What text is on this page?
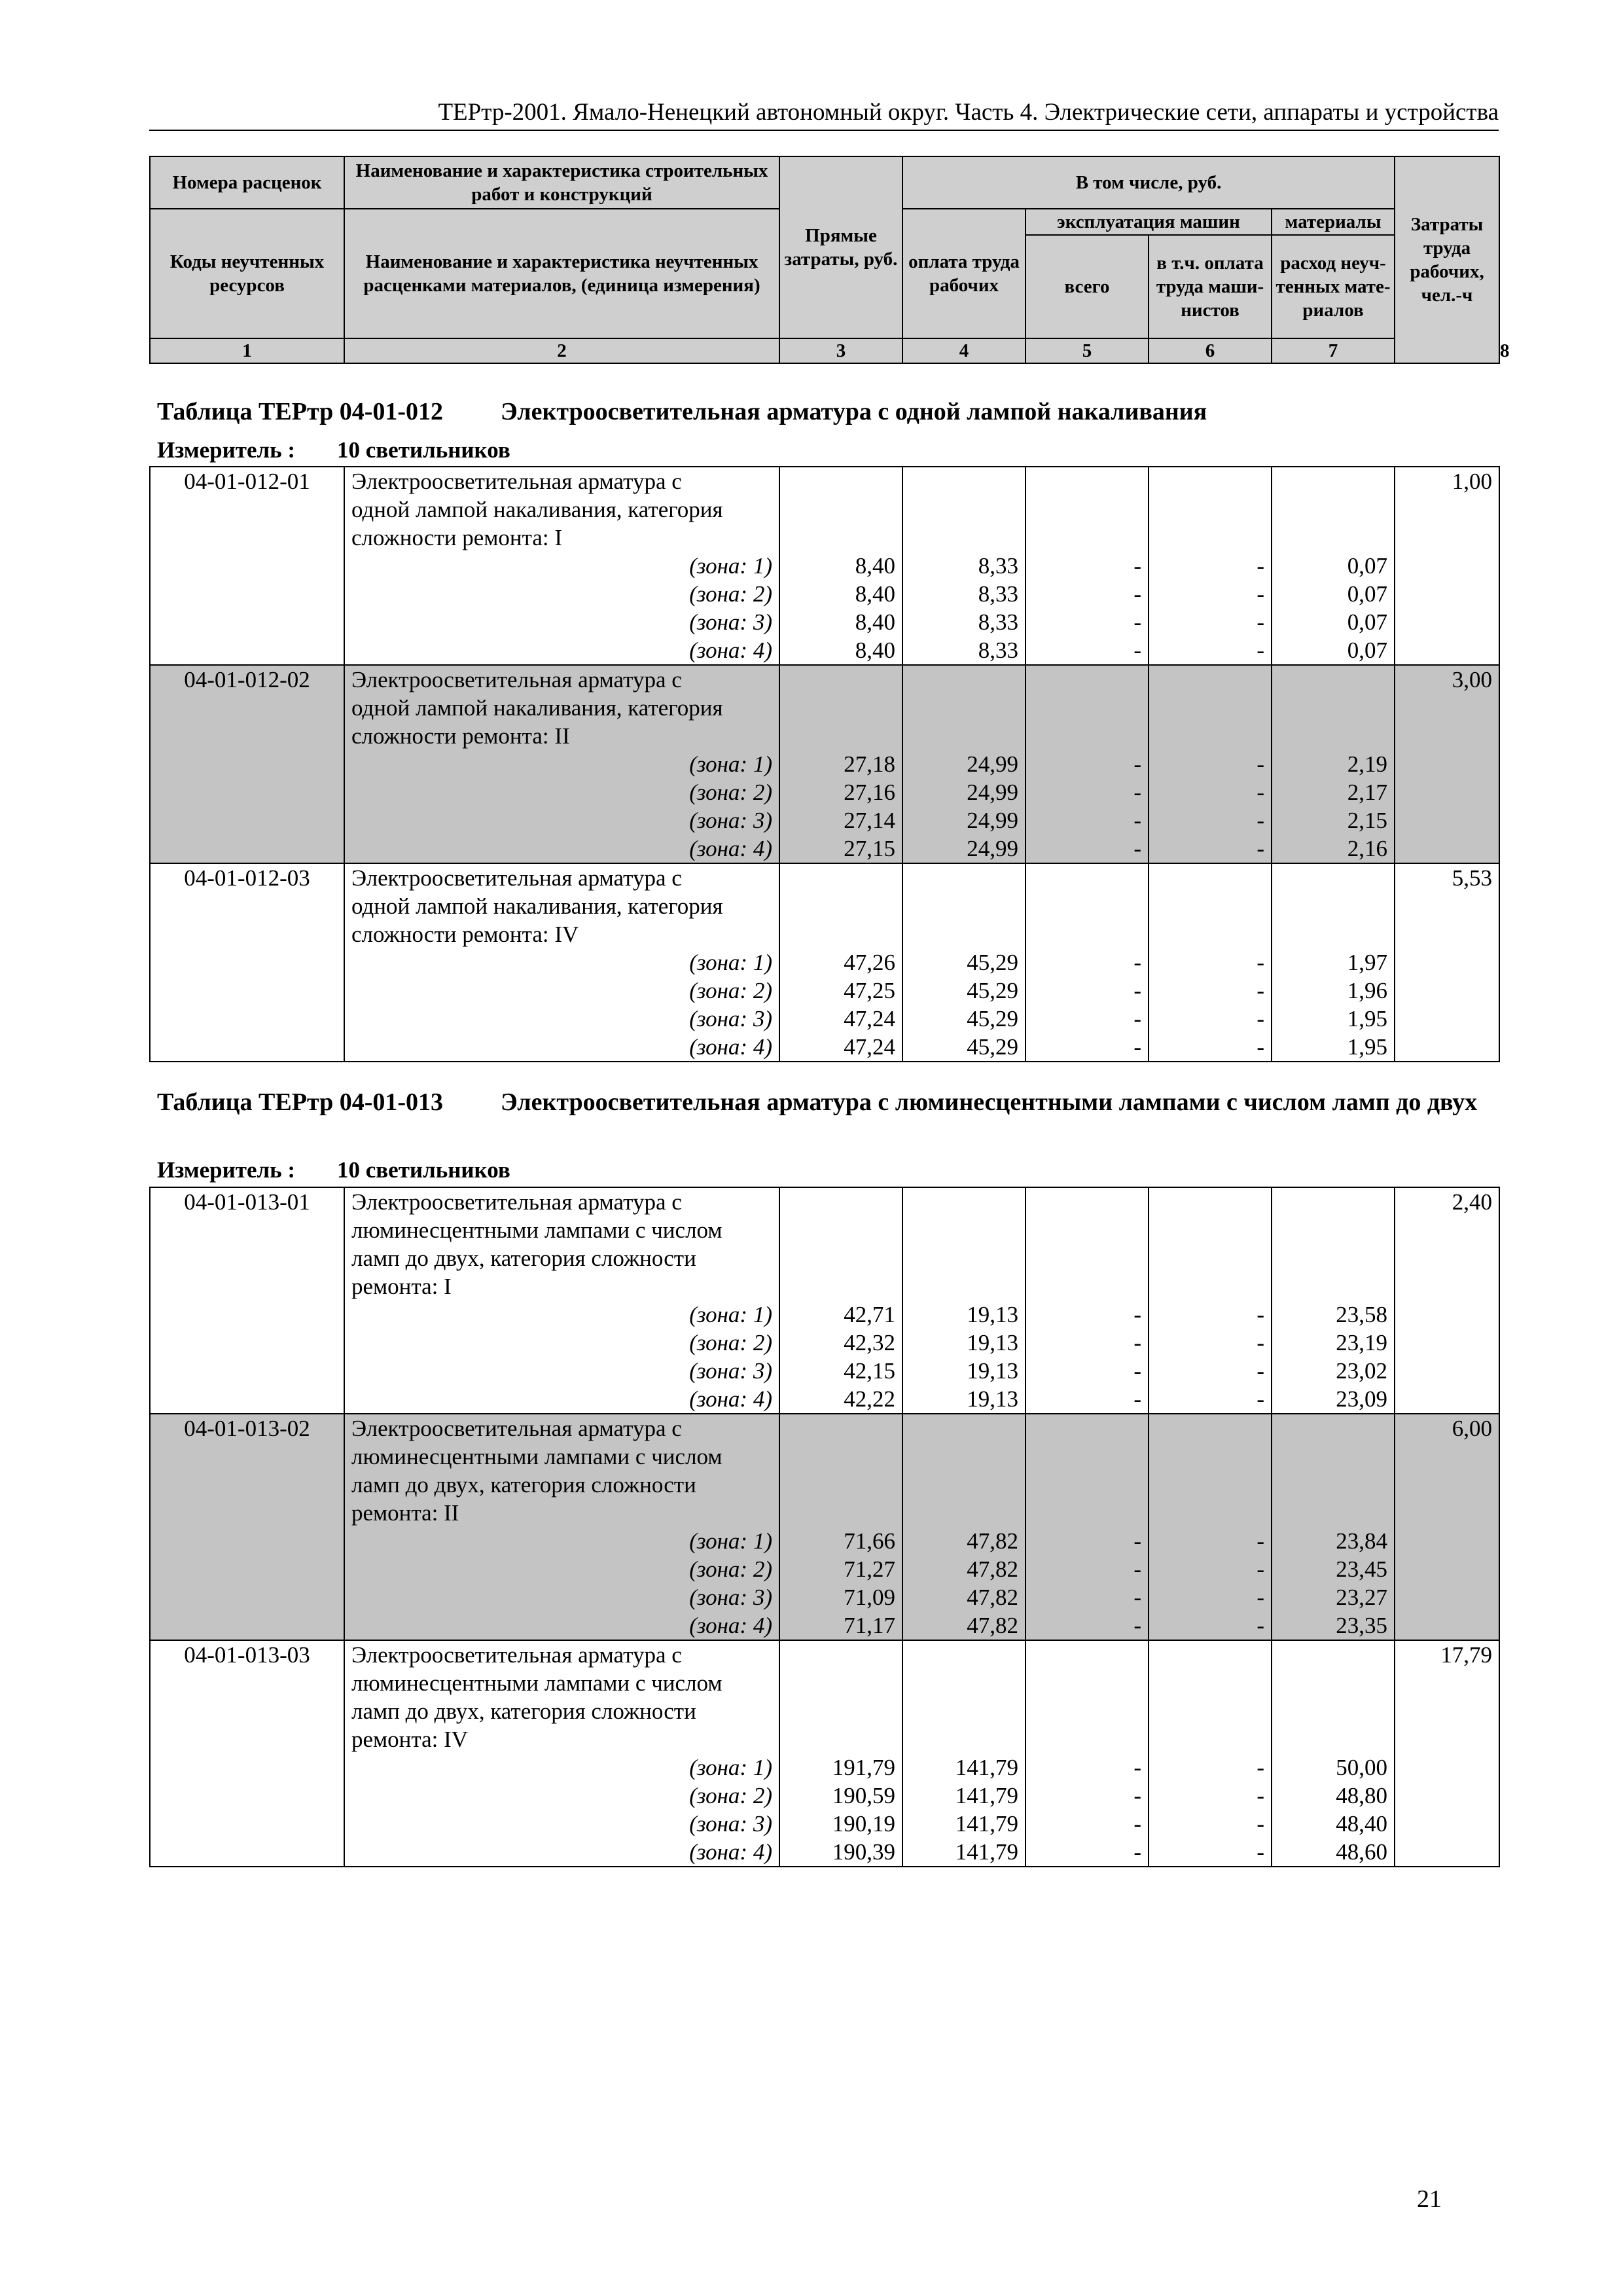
ТЕРтр-2001. Ямало-Ненецкий автономный округ. Часть 4. Электрические сети, аппараты и устройства
Номера расценок	Наименование и характеристика строительных работ и конструкций	Прямые затраты, руб.	В том числе, руб.				Затраты труда рабочих, чел.-ч	
Коды неучтенных ресурсов	Наименование и характеристика неучтенных расценками материалов, (единица измерения)		оплата труда рабочих	эксплуатация машин		материалы		
				всего	в т.ч. оплата труда маши-нистов	расход неуч-тенных мате-риалов		
1	2	3	4	5	6	7		8
Таблица ТЕРтр 04-01-012 Электроосветительная арматура с одной лампой накаливания
Измеритель : 10 светильников
04-01-012-01	Электроосветительная арматура с						1,00
	одной лампой накаливания, категория						
	сложности ремонта: I						
	(зона: 1)	8,40	8,33	-	-	0,07	
	(зона: 2)	8,40	8,33	-	-	0,07	
	(зона: 3)	8,40	8,33	-	-	0,07	
	(зона: 4)	8,40	8,33	-	-	0,07	
04-01-012-02	Электроосветительная арматура с						3,00
	одной лампой накаливания, категория						
	сложности ремонта: II						
	(зона: 1)	27,18	24,99	-	-	2,19	
	(зона: 2)	27,16	24,99	-	-	2,17	
	(зона: 3)	27,14	24,99	-	-	2,15	
	(зона: 4)	27,15	24,99	-	-	2,16	
04-01-012-03	Электроосветительная арматура с						5,53
	одной лампой накаливания, категория						
	сложности ремонта: IV						
	(зона: 1)	47,26	45,29	-	-	1,97	
	(зона: 2)	47,25	45,29	-	-	1,96	
	(зона: 3)	47,24	45,29	-	-	1,95	
	(зона: 4)	47,24	45,29	-	-	1,95	
Таблица ТЕРтр 04-01-013 Электроосветительная арматура с люминесцентными лампами с числом ламп до двух
Измеритель : 10 светильников
04-01-013-01	Электроосветительная арматура с						2,40
	люминесцентными лампами с числом						
	ламп до двух, категория сложности						
	ремонта: I						
	(зона: 1)	42,71	19,13	-	-	23,58	
	(зона: 2)	42,32	19,13	-	-	23,19	
	(зона: 3)	42,15	19,13	-	-	23,02	
	(зона: 4)	42,22	19,13	-	-	23,09	
04-01-013-02	Электроосветительная арматура с						6,00
	люминесцентными лампами с числом						
	ламп до двух, категория сложности						
	ремонта: II						
	(зона: 1)	71,66	47,82	-	-	23,84	
	(зона: 2)	71,27	47,82	-	-	23,45	
	(зона: 3)	71,09	47,82	-	-	23,27	
	(зона: 4)	71,17	47,82	-	-	23,35	
04-01-013-03	Электроосветительная арматура с						17,79
	люминесцентными лампами с числом						
	ламп до двух, категория сложности						
	ремонта: IV						
	(зона: 1)	191,79	141,79	-	-	50,00	
	(зона: 2)	190,59	141,79	-	-	48,80	
	(зона: 3)	190,19	141,79	-	-	48,40	
	(зона: 4)	190,39	141,79	-	-	48,60	
21
